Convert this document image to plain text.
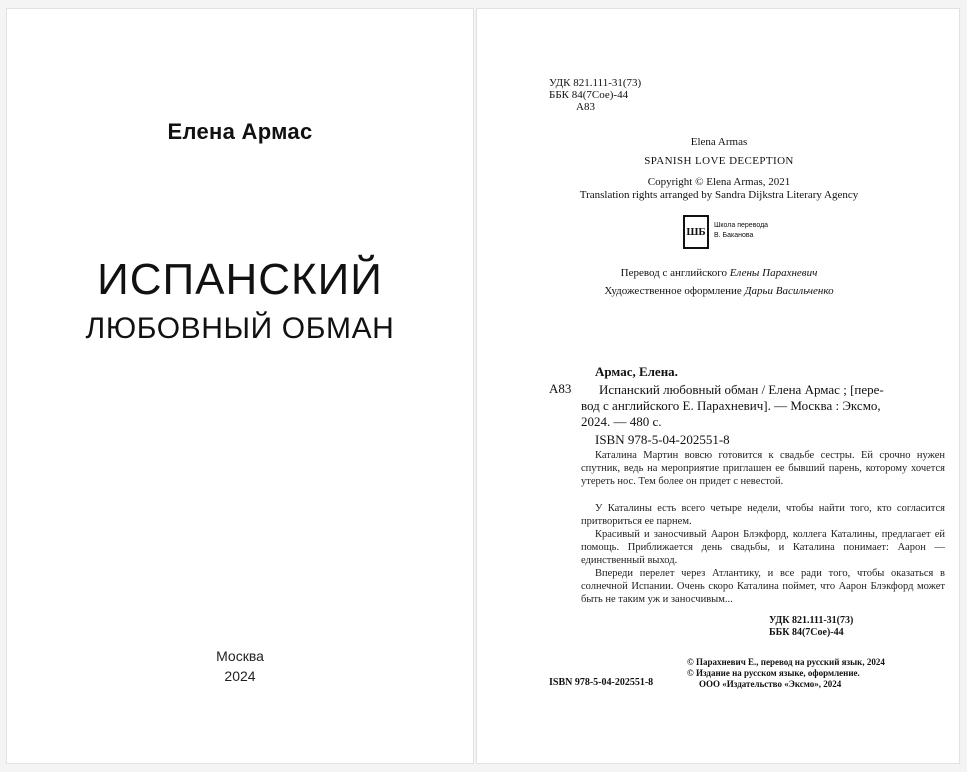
Елена Армас
ИСПАНСКИЙ
ЛЮБОВНЫЙ ОБМАН
Москва
2024
УДК 821.111-31(73)
ББК 84(7Сое)-44
А83
Elena Armas
SPANISH LOVE DECEPTION
Copyright © Elena Armas, 2021
Translation rights arranged by Sandra Dijkstra Literary Agency
ШБ
Школа перевода
В. Баканова
Перевод с английского Елены Парахневич
Художественное оформление Дарьи Васильченко
Армас, Елена.
А83 Испанский любовный обман / Елена Армас ; [пере-
вод с английского Е. Парахневич]. — Москва : Эксмо,
2024. — 480 с.
ISBN 978-5-04-202551-8
Каталина Мартин вовсю готовится к свадьбе сестры. Ей срочно нужен спутник, ведь на мероприятие приглашен ее бывший парень, которому хочется утереть нос. Тем более он придет с невестой.
У Каталины есть всего четыре недели, чтобы найти того, кто согласится притвориться ее парнем.
Красивый и заносчивый Аарон Блэкфорд, коллега Каталины, предлагает ей помощь. Приближается день свадьбы, и Каталина понимает: Аарон — единственный выход.
Впереди перелет через Атлантику, и все ради того, чтобы оказаться в солнечной Испании. Очень скоро Каталина поймет, что Аарон Блэкфорд может быть не таким уж и заносчивым...
УДК 821.111-31(73)
ББК 84(7Сое)-44
© Парахневич Е., перевод на русский язык, 2024
© Издание на русском языке, оформление.
ООО «Издательство «Эксмо», 2024
ISBN 978-5-04-202551-8
